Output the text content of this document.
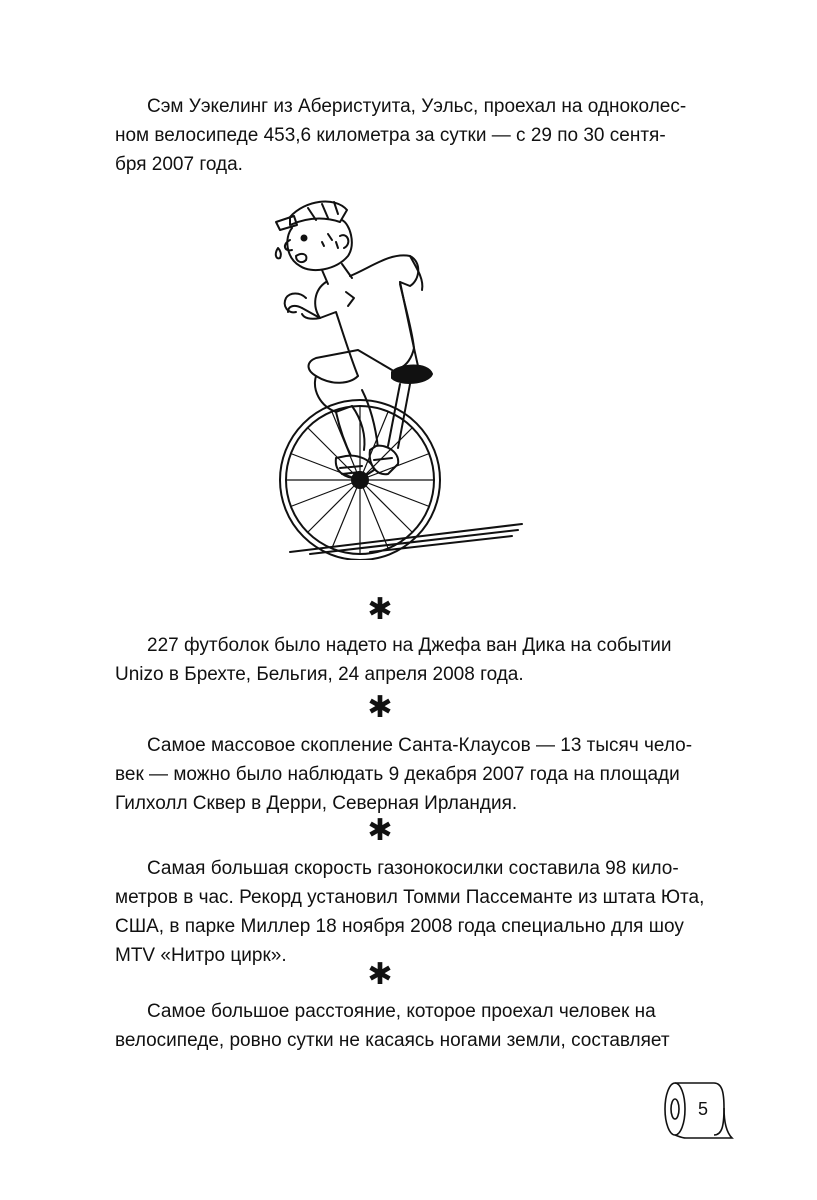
Сэм Уэкелинг из Аберистуита, Уэльс, проехал на одноколес-
ном велосипеде 453,6 километра за сутки — с 29 по 30 сентя-
бря 2007 года.

✱

227 футболок было надето на Джефа ван Дика на событии
Unizo в Брехте, Бельгия, 24 апреля 2008 года.

✱

Самое массовое скопление Санта-Клаусов — 13 тысяч чело-
век — можно было наблюдать 9 декабря 2007 года на площади
Гилхолл Сквер в Дерри, Северная Ирландия.

✱

Самая большая скорость газонокосилки составила 98 кило-
метров в час. Рекорд установил Томми Пассеманте из штата Юта,
США, в парке Миллер 18 ноября 2008 года специально для шоу
MTV «Нитро цирк».

✱

Самое большое расстояние, которое проехал человек на
велосипеде, ровно сутки не касаясь ногами земли, составляет

5
